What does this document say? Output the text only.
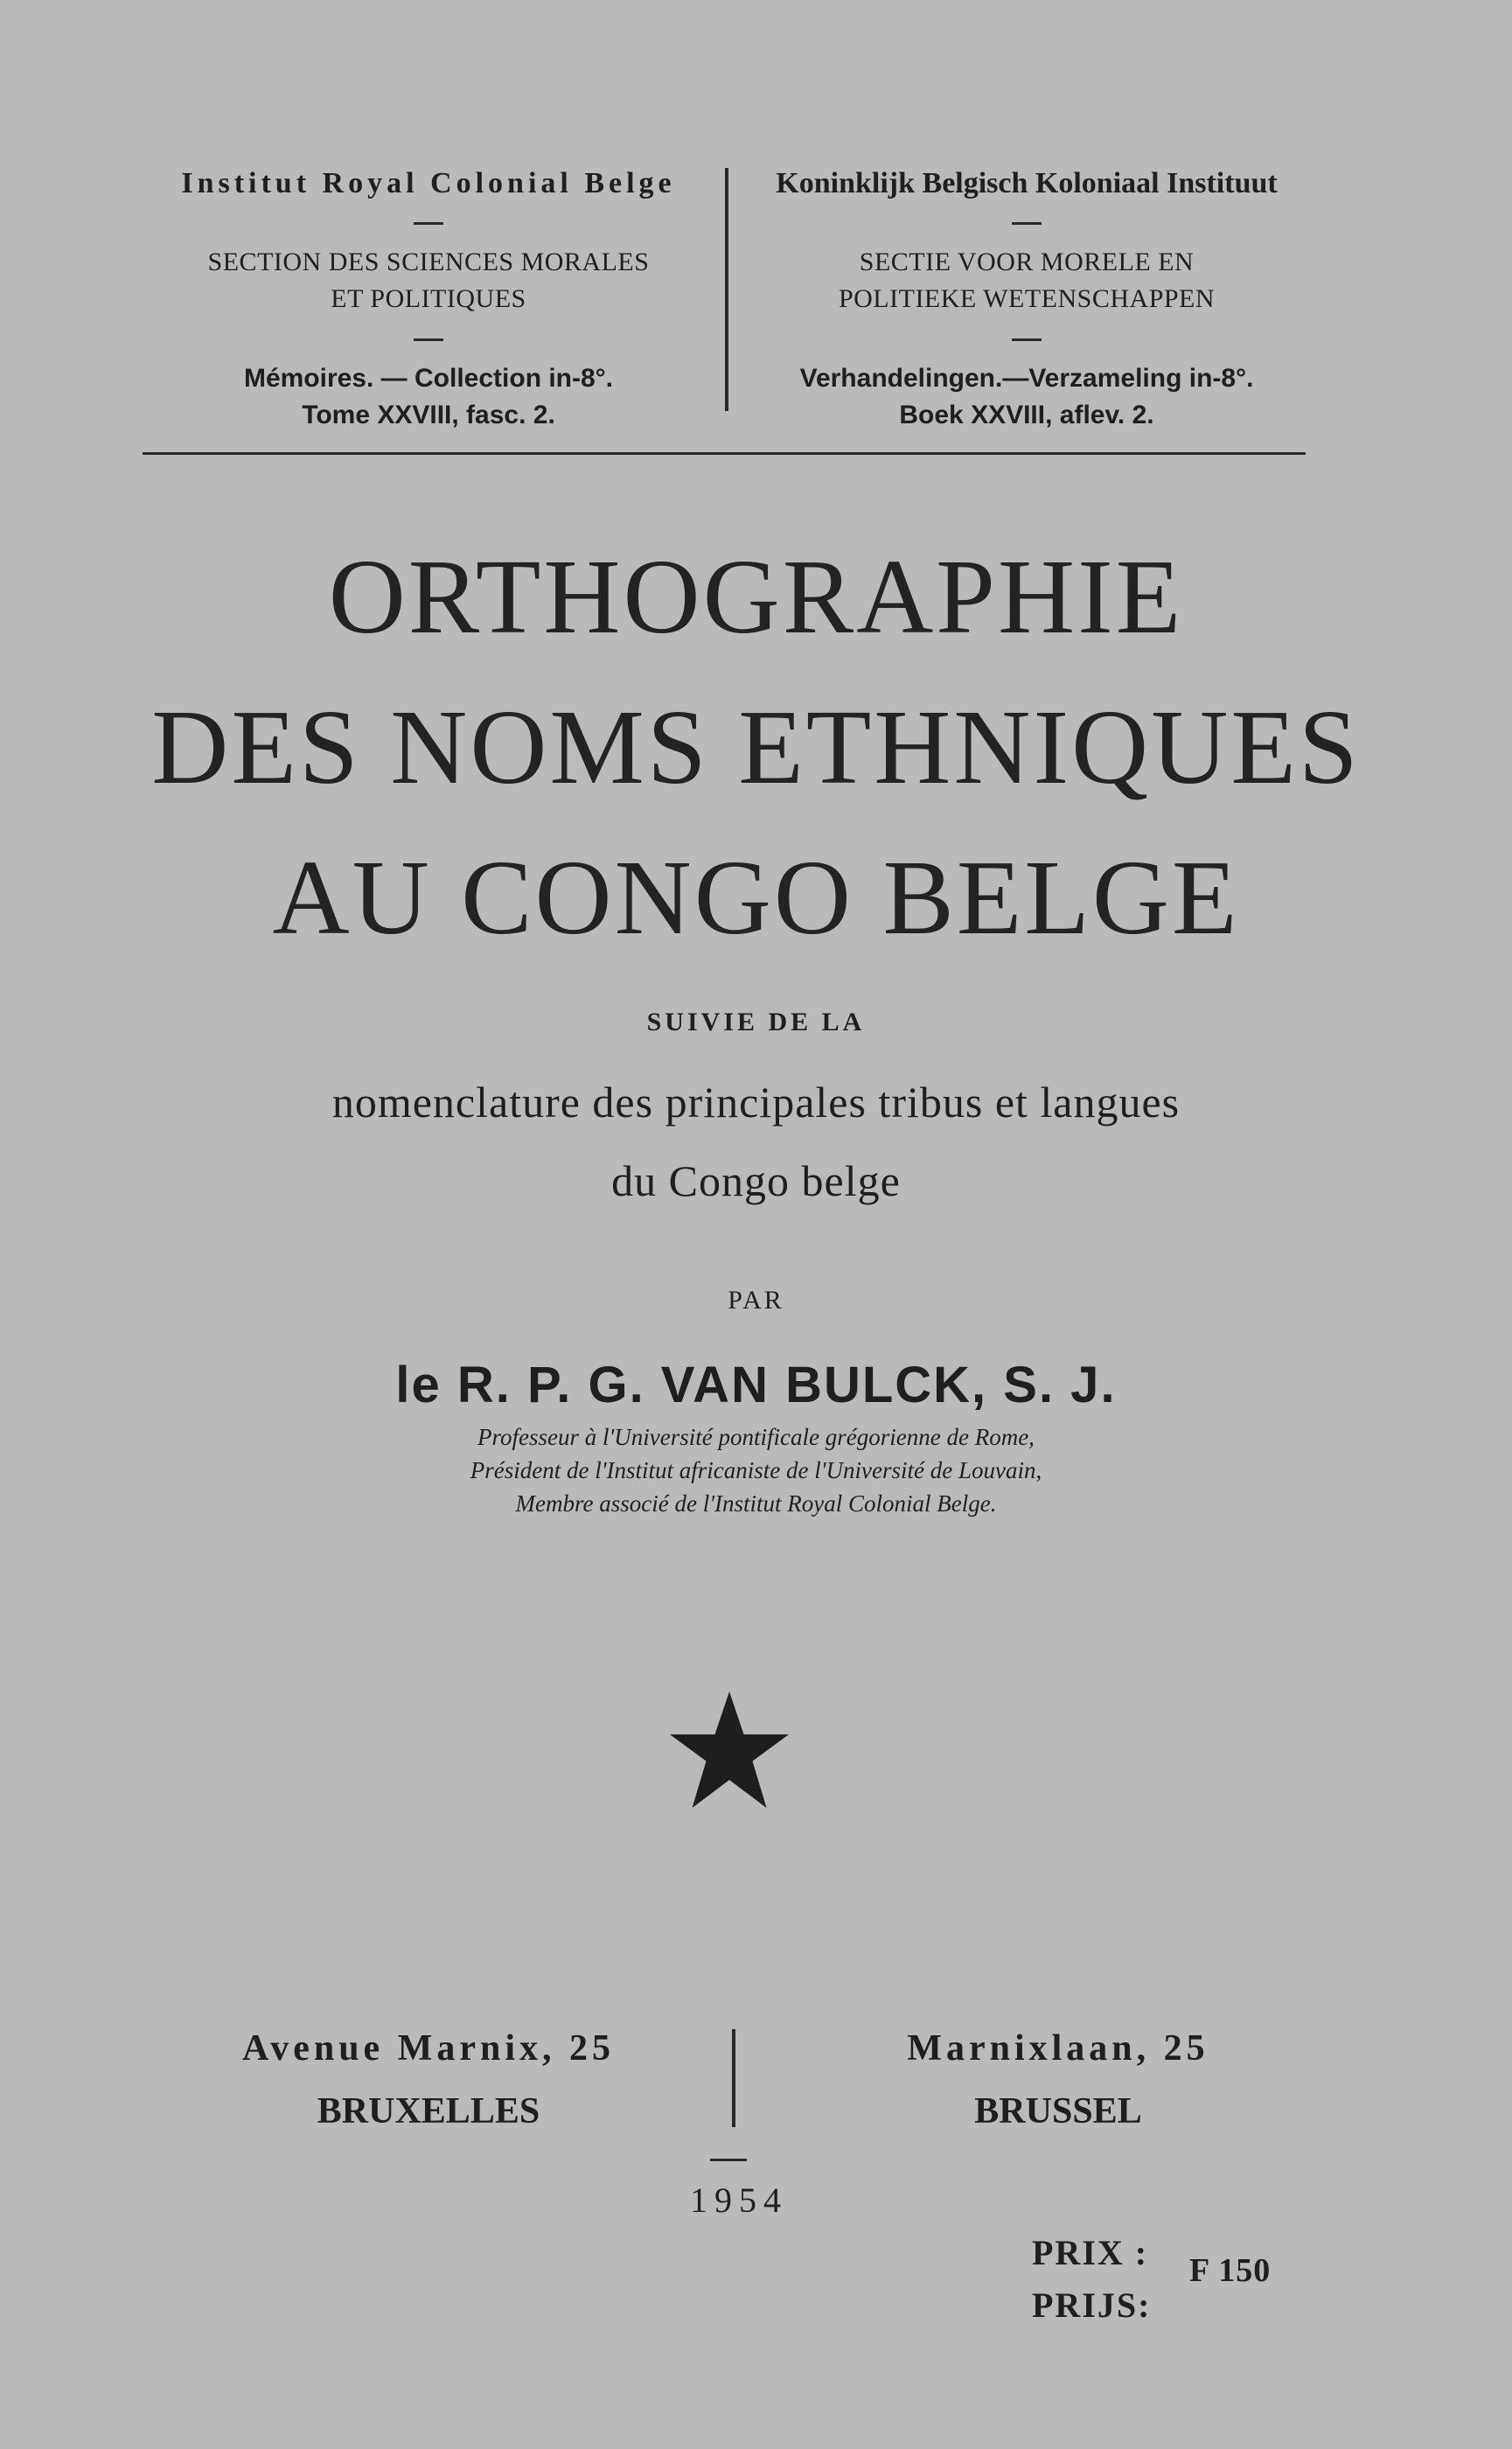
Institut Royal Colonial Belge
SECTION DES SCIENCES MORALES
ET POLITIQUES
Mémoires. — Collection in-8°.
Tome XXVIII, fasc. 2.
Koninklijk Belgisch Koloniaal Instituut
SECTIE VOOR MORELE EN
POLITIEKE WETENSCHAPPEN
Verhandelingen.—Verzameling in-8°.
Boek XXVIII, aflev. 2.
ORTHOGRAPHIE
DES NOMS ETHNIQUES
AU CONGO BELGE
SUIVIE DE LA
nomenclature des principales tribus et langues
du Congo belge
PAR
le R. P. G. VAN BULCK, S. J.
Professeur à l'Université pontificale grégorienne de Rome,
Président de l'Institut africaniste de l'Université de Louvain,
Membre associé de l'Institut Royal Colonial Belge.
Avenue Marnix, 25
BRUXELLES
Marnixlaan, 25
BRUSSEL
1954
PRIX :
PRIJS:
F 150
